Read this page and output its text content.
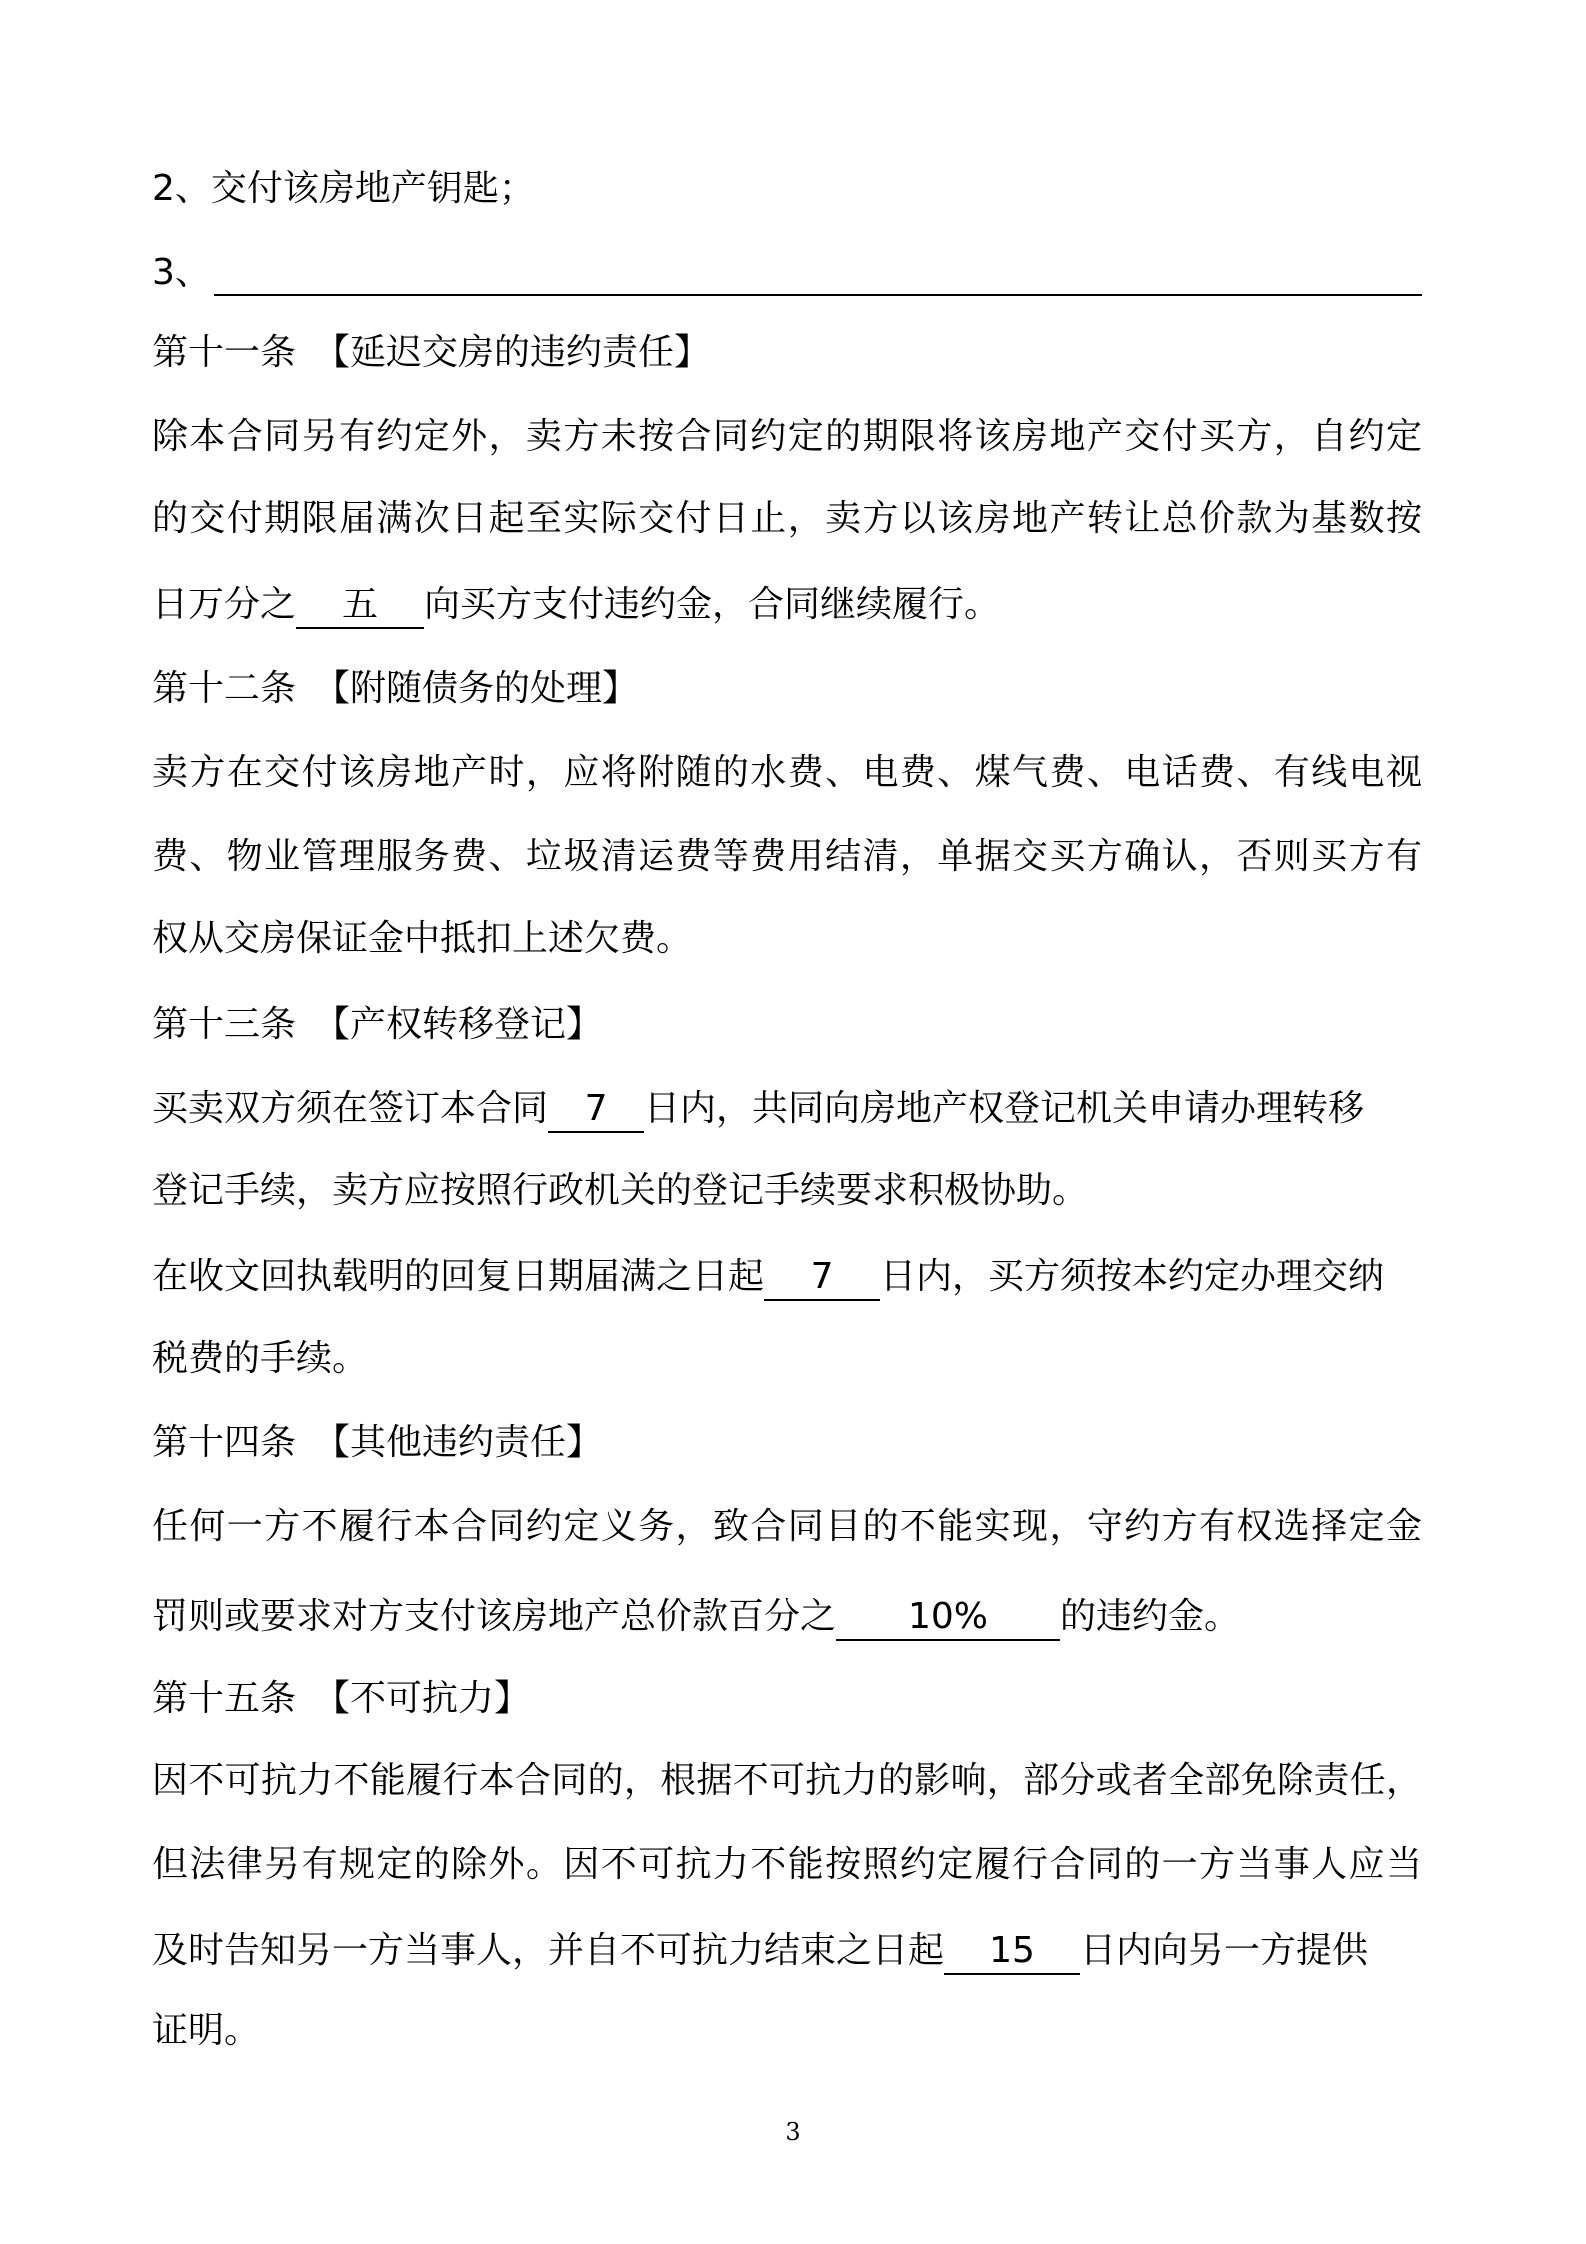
2、交付该房地产钥匙；
3、
第十一条　【延迟交房的违约责任】
除本合同另有约定外，卖方未按合同约定的期限将该房地产交付买方，自约定
的交付期限届满次日起至实际交付日止，卖方以该房地产转让总价款为基数按
日万分之 五 向买方支付违约金，合同继续履行。
第十二条　【附随债务的处理】
卖方在交付该房地产时，应将附随的水费、电费、煤气费、电话费、有线电视
费、物业管理服务费、垃圾清运费等费用结清，单据交买方确认，否则买方有
权从交房保证金中抵扣上述欠费。
第十三条　【产权转移登记】
买卖双方须在签订本合同 7 日内，共同向房地产权登记机关申请办理转移
登记手续，卖方应按照行政机关的登记手续要求积极协助。
在收文回执载明的回复日期届满之日起 7 日内，买方须按本约定办理交纳
税费的手续。
第十四条　【其他违约责任】
任何一方不履行本合同约定义务，致合同目的不能实现，守约方有权选择定金
罚则或要求对方支付该房地产总价款百分之 10% 的违约金。
第十五条　【不可抗力】
因不可抗力不能履行本合同的，根据不可抗力的影响，部分或者全部免除责任，
但法律另有规定的除外。因不可抗力不能按照约定履行合同的一方当事人应当
及时告知另一方当事人，并自不可抗力结束之日起 15 日内向另一方提供
证明。
3
